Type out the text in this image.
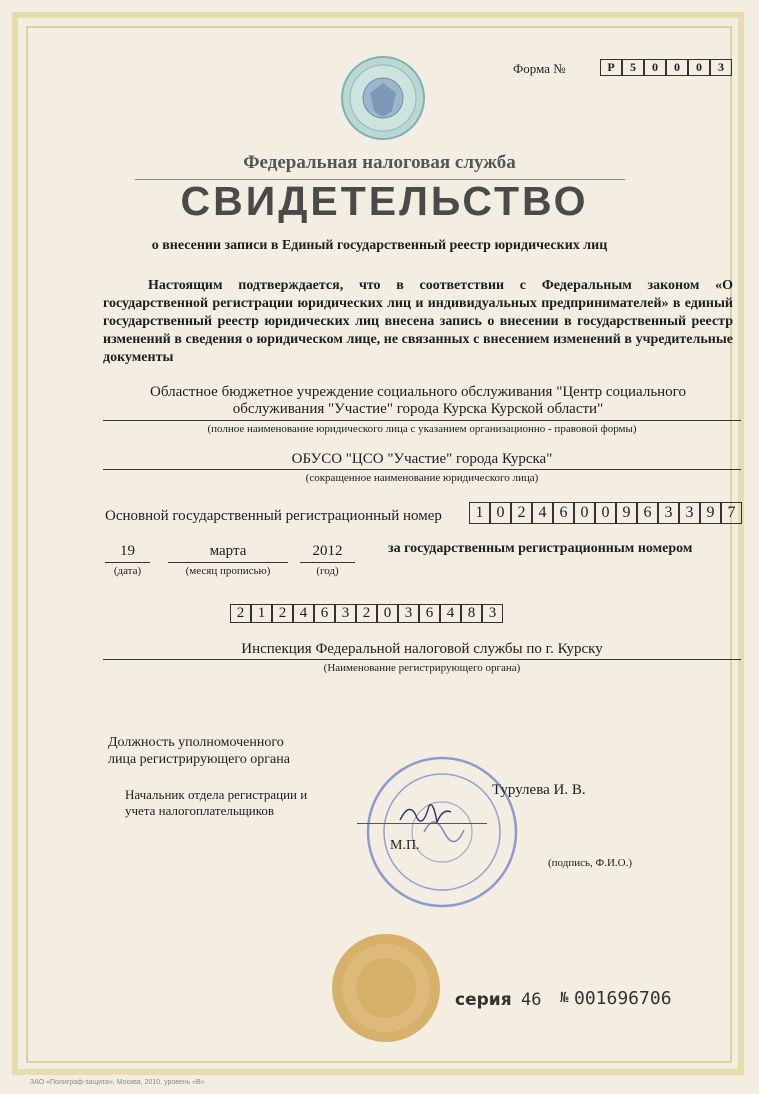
Форма №	Р	5	0	0	0	3
Федеральная налоговая служба
СВИДЕТЕЛЬСТВО
о внесении записи в Единый государственный реестр юридических лиц
Настоящим подтверждается, что в соответствии с Федеральным законом «О государственной регистрации юридических лиц и индивидуальных предпринимателей» в единый государственный реестр юридических лиц внесена запись о внесении в государственный реестр изменений в сведения о юридическом лице, не связанных с внесением изменений в учредительные документы
Областное бюджетное учреждение социального обслуживания "Центр социального
обслуживания "Участие" города Курска Курской области"
(полное наименование юридического лица с указанием организационно - правовой формы)
ОБУСО "ЦСО "Участие" города Курска"
(сокращенное наименование юридического лица)
Основной государственный регистрационный номер	1 0 2 4 6 0 0 9 6 3 3 9 7
19
(дата)
марта
(месяц прописью)
2012
(год)
за государственным регистрационным номером
2 1 2 4 6 3 2 0 3 6 4 8 3
Инспекция Федеральной налоговой службы по г. Курску
(Наименование регистрирующего органа)
Должность уполномоченного
лица регистрирующего органа
Начальник отдела регистрации и
учета налогоплательщиков
Турулева И. В.
М.П.
(подпись, Ф.И.О.)
серия 46 № 001696706
ЗАО «Полиграф-защита», Москва, 2010, уровень «В»
